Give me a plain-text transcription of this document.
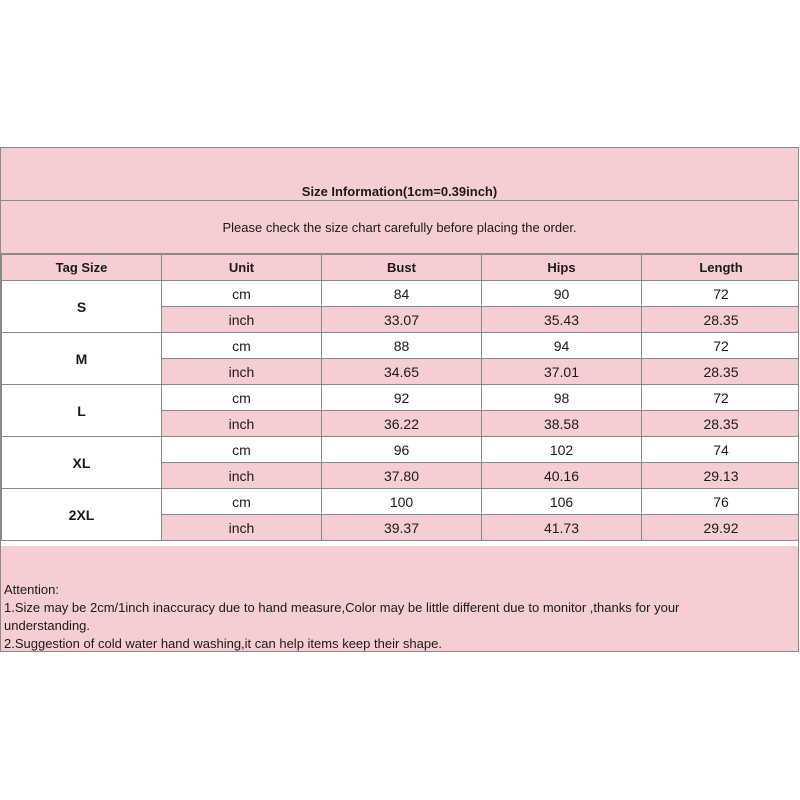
Size Information(1cm=0.39inch)
Please check the size chart carefully before placing the order.
Tag Size	Unit	Bust	Hips	Length
S	cm	84	90	72
	inch	33.07	35.43	28.35
M	cm	88	94	72
	inch	34.65	37.01	28.35
L	cm	92	98	72
	inch	36.22	38.58	28.35
XL	cm	96	102	74
	inch	37.80	40.16	29.13
2XL	cm	100	106	76
	inch	39.37	41.73	29.92
Attention:
1.Size may be 2cm/1inch inaccuracy due to hand measure,Color may be little different due to monitor ,thanks for your understanding.
2.Suggestion of cold water hand washing,it can help items keep their shape.
